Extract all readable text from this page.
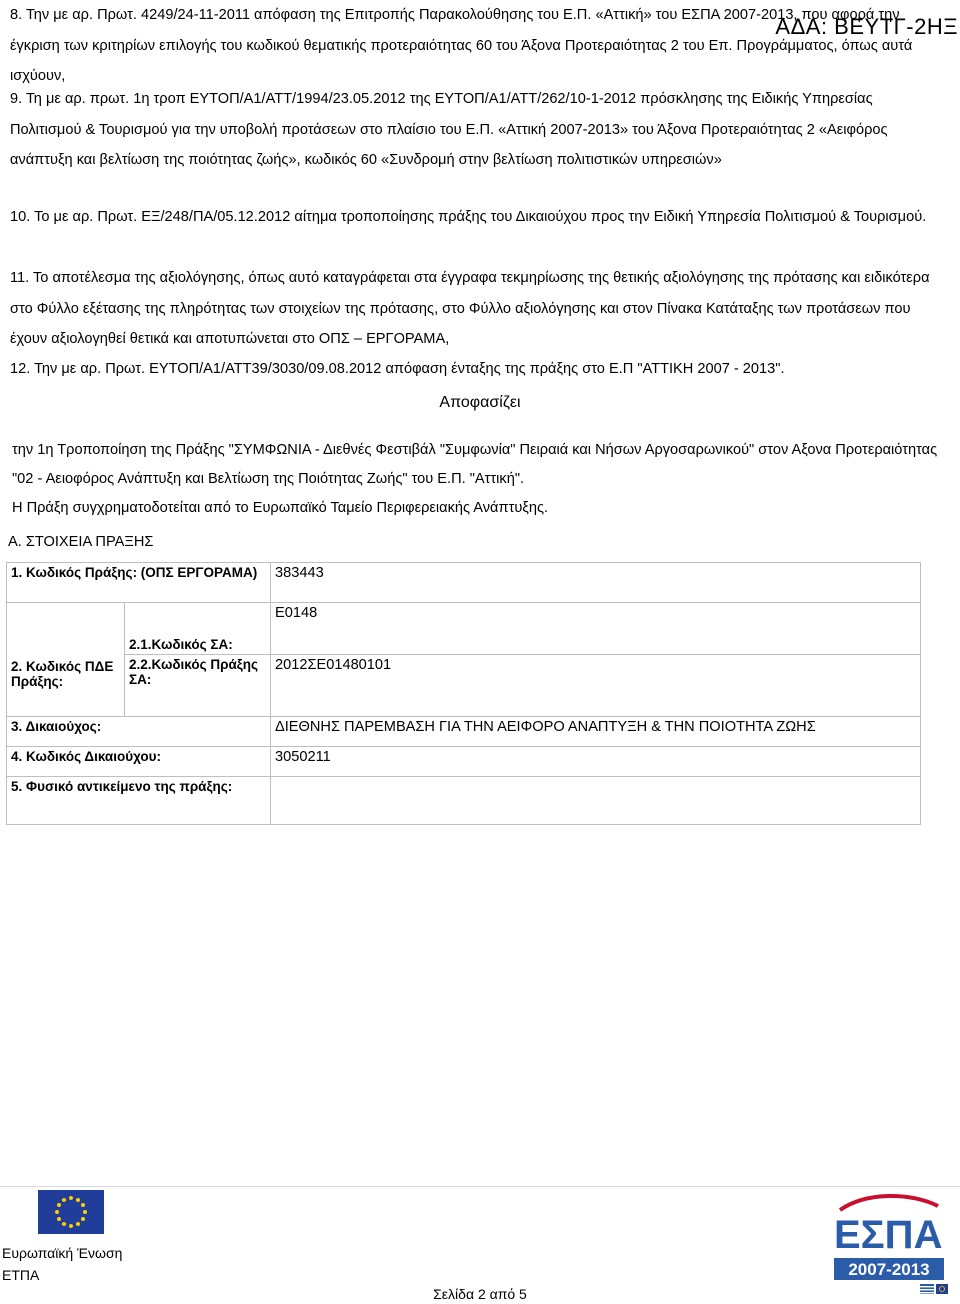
ΑΔΑ: ΒΕΥΤΓ-2ΗΞ

8. Την με αρ. Πρωτ. 4249/24-11-2011 απόφαση της Επιτροπής Παρακολούθησης του Ε.Π. «Αττική» του ΕΣΠΑ 2007-2013, που αφορά την έγκριση των κριτηρίων επιλογής του κωδικού θεματικής προτεραιότητας 60 του Άξονα Προτεραιότητας 2 του Επ. Προγράμματος, όπως αυτά ισχύουν,

9. Τη με αρ. πρωτ. 1η τροπ ΕΥΤΟΠ/Α1/ΑΤΤ/1994/23.05.2012 της ΕΥΤΟΠ/Α1/ΑΤΤ/262/10-1-2012 πρόσκλησης της Ειδικής Υπηρεσίας Πολιτισμού & Τουρισμού για την υποβολή προτάσεων στο πλαίσιο του Ε.Π. «Αττική 2007-2013» του Άξονα Προτεραιότητας 2 «Αειφόρος ανάπτυξη και βελτίωση της ποιότητας ζωής», κωδικός 60 «Συνδρομή στην βελτίωση πολιτιστικών υπηρεσιών»

10. Το με αρ. Πρωτ. ΕΞ/248/ΠΑ/05.12.2012 αίτημα τροποποίησης πράξης του Δικαιούχου προς την Ειδική Υπηρεσία Πολιτισμού & Τουρισμού.

11. Το αποτέλεσμα της αξιολόγησης, όπως αυτό καταγράφεται στα έγγραφα τεκμηρίωσης της θετικής αξιολόγησης της πρότασης και ειδικότερα στο Φύλλο εξέτασης της πληρότητας των στοιχείων της πρότασης, στο Φύλλο αξιολόγησης και στον Πίνακα Κατάταξης των προτάσεων που έχουν αξιολογηθεί θετικά και αποτυπώνεται στο ΟΠΣ – ΕΡΓΟΡΑΜΑ,

12. Την με αρ. Πρωτ. ΕΥΤΟΠ/Α1/ΑΤΤ39/3030/09.08.2012 απόφαση ένταξης της πράξης στο Ε.Π "ΑΤΤΙΚΗ 2007 - 2013".

Αποφασίζει
την 1η Τροποποίηση της Πράξης "ΣΥΜΦΩΝΙΑ - Διεθνές Φεστιβάλ "Συμφωνία" Πειραιά και Νήσων Αργοσαρωνικού" στον Αξονα Προτεραιότητας "02 - Αειοφόρος Ανάπτυξη και Βελτίωση της Ποιότητας Ζωής" του Ε.Π. "Αττική".
Η Πράξη συγχρηματοδοτείται από το Ευρωπαϊκό Ταμείο Περιφερειακής Ανάπτυξης.
Α. ΣΤΟΙΧΕΙΑ ΠΡΑΞΗΣ
1. Κωδικός Πράξης: (ΟΠΣ ΕΡΓΟΡΑΜΑ)		383443
2. Κωδικός ΠΔΕ Πράξης:	2.1.Κωδικός ΣΑ:	Ε0148
	2.2.Κωδικός Πράξης ΣΑ:	2012ΣΕ01480101
3. Δικαιούχος:		ΔΙΕΘΝΗΣ ΠΑΡΕΜΒΑΣΗ ΓΙΑ ΤΗΝ ΑΕΙΦΟΡΟ ΑΝΑΠΤΥΞΗ & ΤΗΝ ΠΟΙΟΤΗΤΑ ΖΩΗΣ
4. Κωδικός Δικαιούχου:		3050211
5. Φυσικό αντικείμενο της πράξης:		
Ευρωπαϊκή Ένωση
ΕΤΠΑ
Σελίδα 2 από 5
ΕΣΠΑ
2007-2013
